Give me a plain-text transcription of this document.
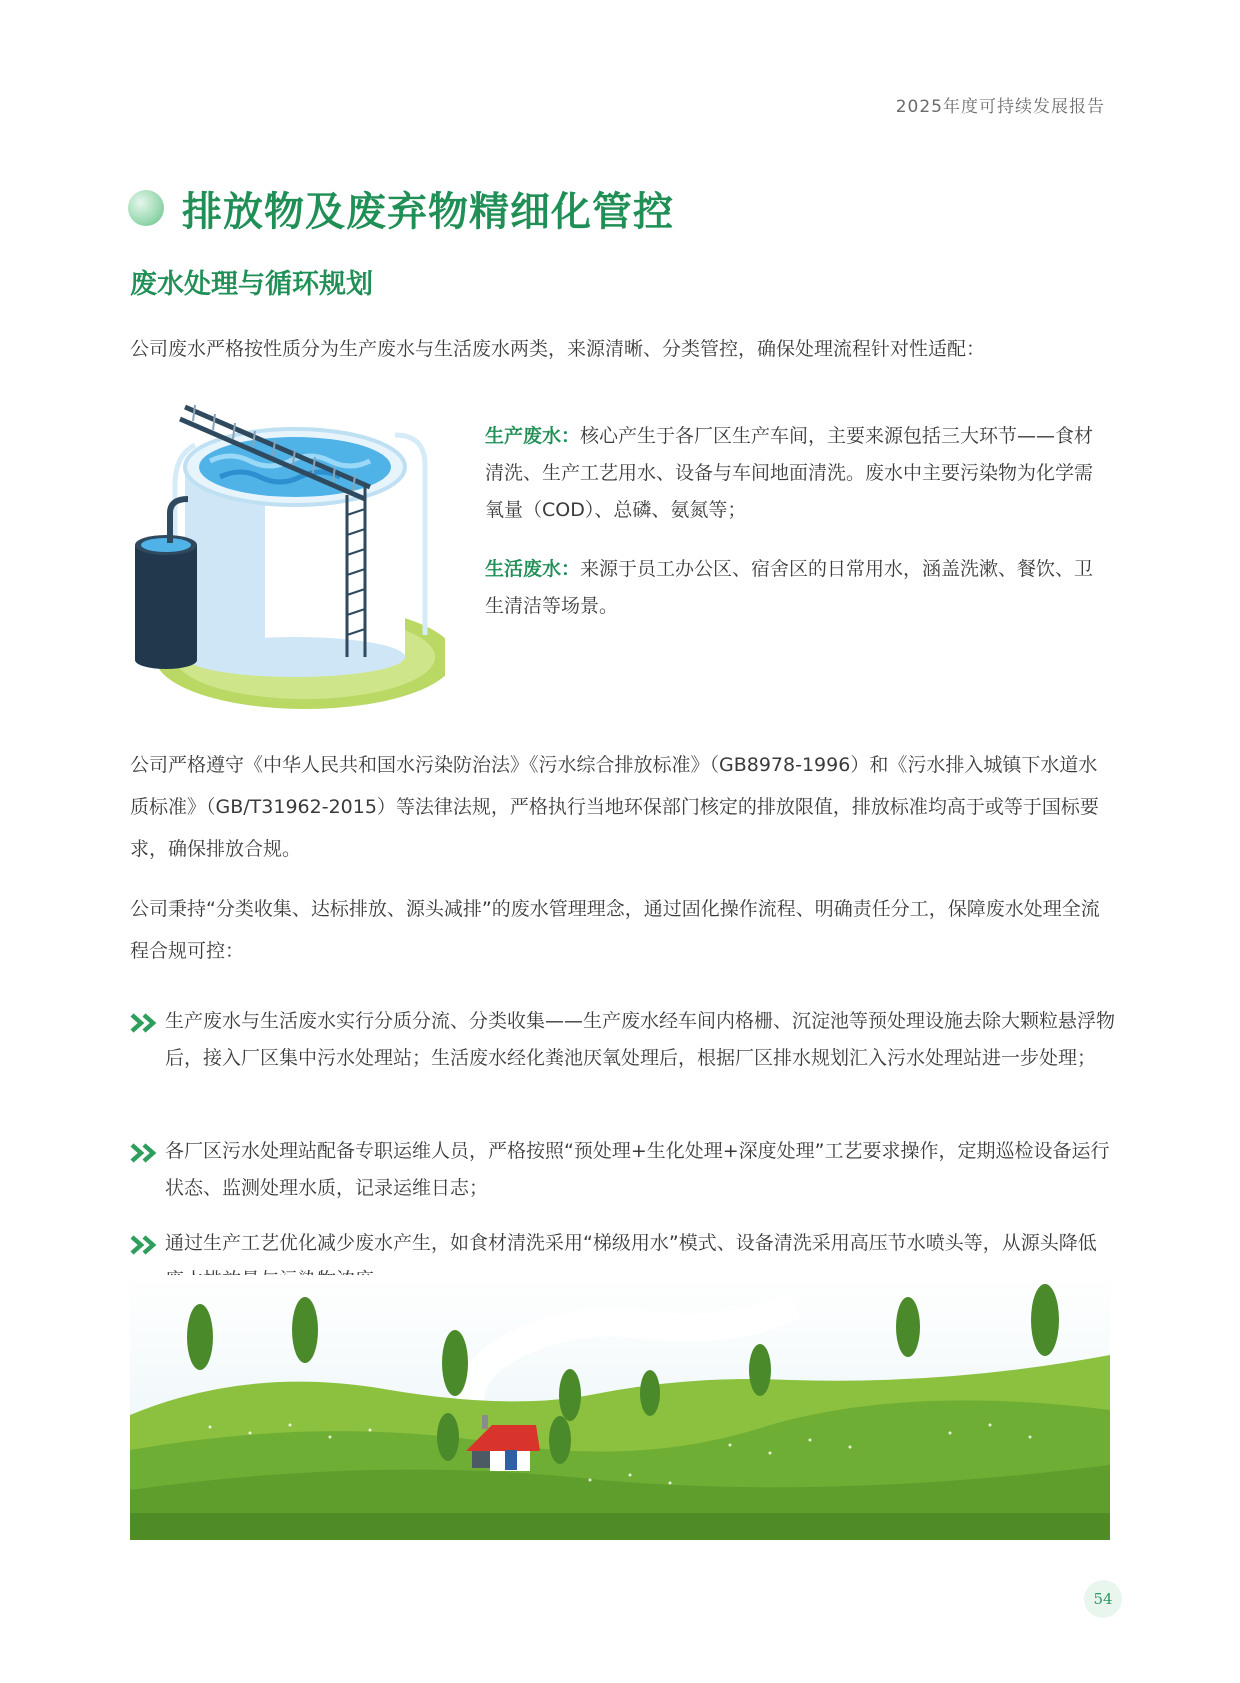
2025年度可持续发展报告
排放物及废弃物精细化管控
废水处理与循环规划
公司废水严格按性质分为生产废水与生活废水两类，来源清晰、分类管控，确保处理流程针对性适配：
生产废水：核心产生于各厂区生产车间，主要来源包括三大环节——食材清洗、生产工艺用水、设备与车间地面清洗。废水中主要污染物为化学需氧量（COD）、总磷、氨氮等；
生活废水：来源于员工办公区、宿舍区的日常用水，涵盖洗漱、餐饮、卫生清洁等场景。
公司严格遵守《中华人民共和国水污染防治法》《污水综合排放标准》（GB8978-1996）和《污水排入城镇下水道水质标准》（GB/T31962-2015）等法律法规，严格执行当地环保部门核定的排放限值，排放标准均高于或等于国标要求，确保排放合规。
公司秉持“分类收集、达标排放、源头减排”的废水管理理念，通过固化操作流程、明确责任分工，保障废水处理全流程合规可控：
生产废水与生活废水实行分质分流、分类收集——生产废水经车间内格栅、沉淀池等预处理设施去除大颗粒悬浮物后，接入厂区集中污水处理站；生活废水经化粪池厌氧处理后，根据厂区排水规划汇入污水处理站进一步处理；
各厂区污水处理站配备专职运维人员，严格按照“预处理+生化处理+深度处理”工艺要求操作，定期巡检设备运行状态、监测处理水质，记录运维日志；
通过生产工艺优化减少废水产生，如食材清洗采用“梯级用水”模式、设备清洗采用高压节水喷头等，从源头降低
54
